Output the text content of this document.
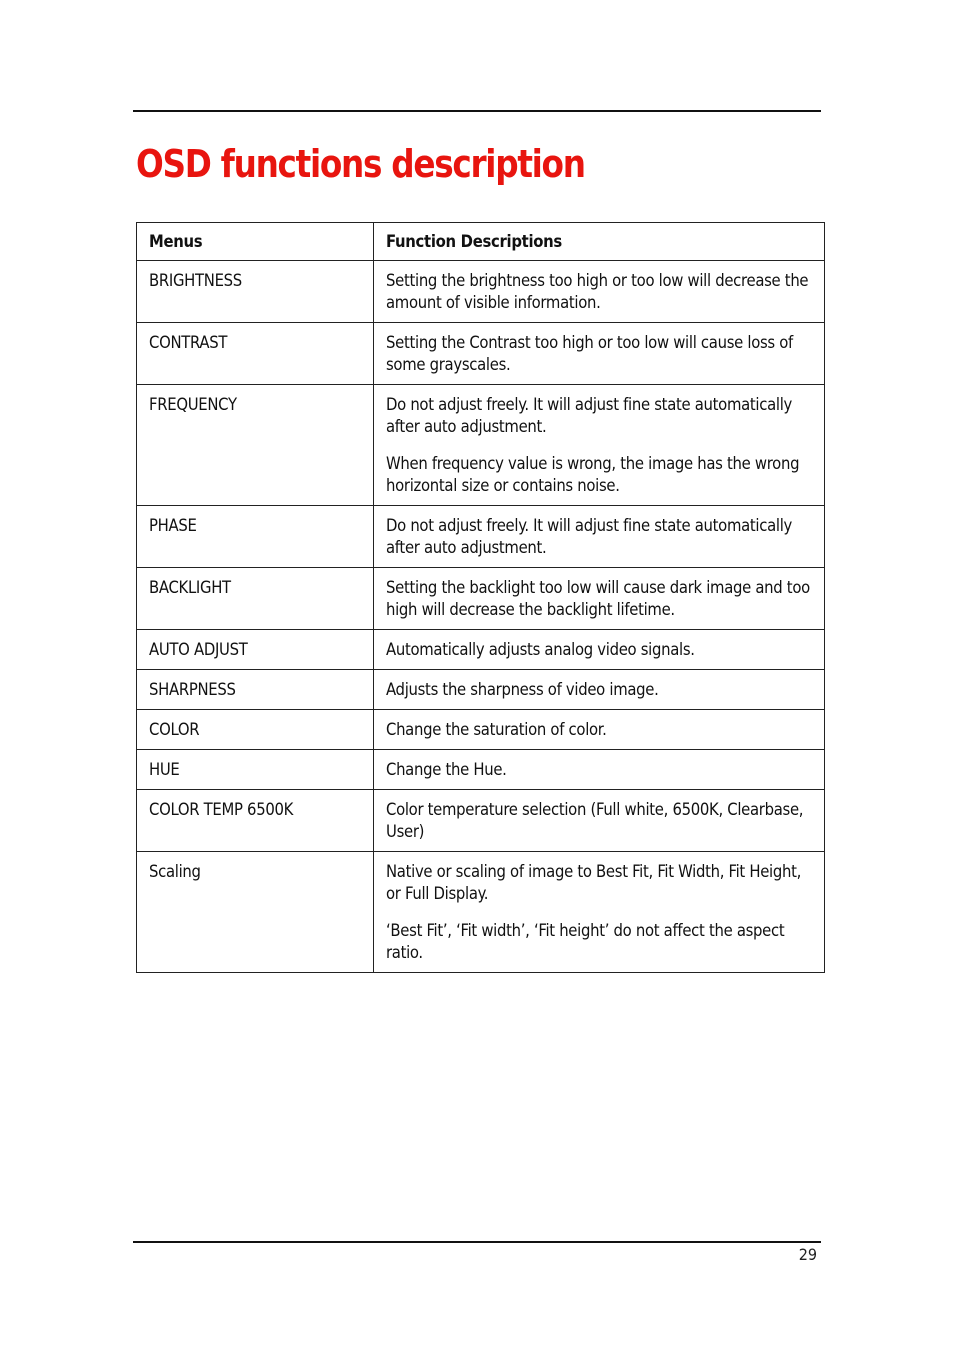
OSD functions description
Menus	Function Descriptions

BRIGHTNESS	Setting the brightness too high or too low will decrease the amount of visible information.

CONTRAST	Setting the Contrast too high or too low will cause loss of some grayscales.

FREQUENCY	Do not adjust freely. It will adjust fine state automatically after auto adjustment.

When frequency value is wrong, the image has the wrong horizontal size or contains noise.

PHASE	Do not adjust freely. It will adjust fine state automatically after auto adjustment.

BACKLIGHT	Setting the backlight too low will cause dark image and too high will decrease the backlight lifetime.

AUTO ADJUST	Automatically adjusts analog video signals.

SHARPNESS	Adjusts the sharpness of video image.

COLOR	Change the saturation of color.

HUE	Change the Hue.

COLOR TEMP 6500K	Color temperature selection (Full white, 6500K, Clearbase, User)

Scaling	Native or scaling of image to Best Fit, Fit Width, Fit Height, or Full Display.

‘Best Fit’, ‘Fit width’, ‘Fit height’ do not affect the aspect ratio.

29
